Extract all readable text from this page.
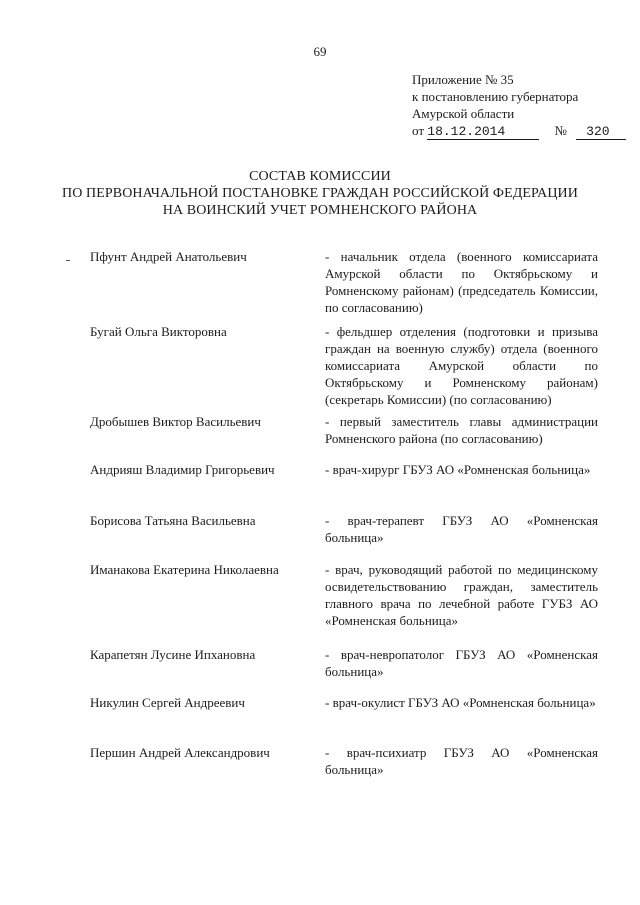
69
Приложение № 35
к постановлению губернатора
Амурской области
от 18.12.2014	№ 320
СОСТАВ КОМИССИИ
ПО ПЕРВОНАЧАЛЬНОЙ ПОСТАНОВКЕ ГРАЖДАН РОССИЙСКОЙ ФЕДЕРАЦИИ
НА ВОИНСКИЙ УЧЕТ РОМНЕНСКОГО РАЙОНА
Пфунт Андрей Анатольевич	- начальник отдела (военного комиссариата Амурской области по Октябрьскому и Ромненскому районам) (председатель Комиссии, по согласованию)
Бугай Ольга Викторовна	- фельдшер отделения (подготовки и призыва граждан на военную службу) отдела (военного комиссариата Амурской области по Октябрьскому и Ромненскому районам) (секретарь Комиссии) (по согласованию)
Дробышев Виктор Васильевич	- первый заместитель главы администрации Ромненского района (по согласованию)
Андрияш Владимир Григорьевич	- врач-хирург ГБУЗ АО «Ромненская больница»
Борисова Татьяна Васильевна	- врач-терапевт ГБУЗ АО «Ромненская больница»
Иманакова Екатерина Николаевна	- врач, руководящий работой по медицинскому освидетельствованию граждан, заместитель главного врача по лечебной работе ГУБЗ АО «Ромненская больница»
Карапетян Лусине Ипхановна	- врач-невропатолог ГБУЗ АО «Ромненская больница»
Никулин Сергей Андреевич	- врач-окулист ГБУЗ АО «Ромненская больница»
Першин Андрей Александрович	- врач-психиатр ГБУЗ АО «Ромненская больница»
